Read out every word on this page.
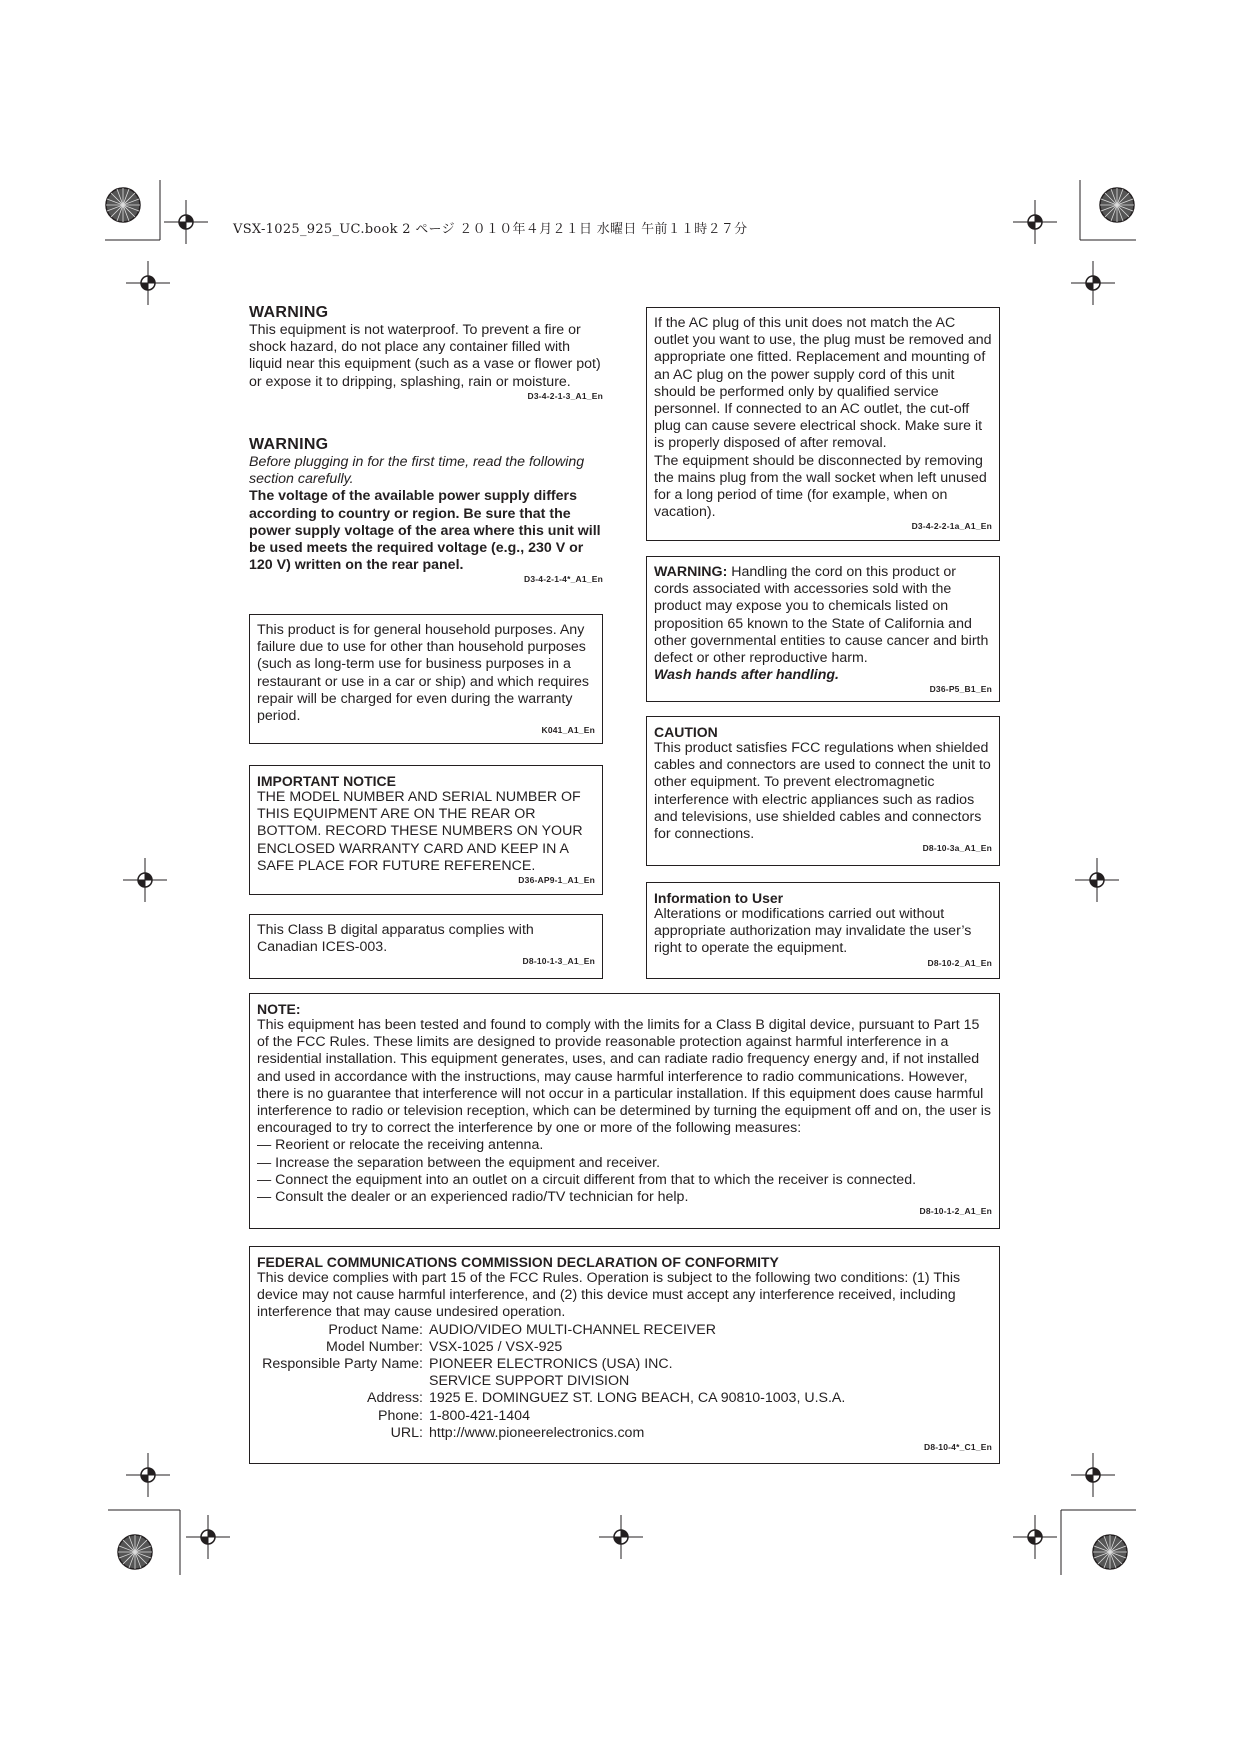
VSX-1025_925_UC.book 2 ページ ２０１０年４月２１日 水曜日 午前１１時２７分
WARNING
This equipment is not waterproof. To prevent a fire or shock hazard, do not place any container filled with liquid near this equipment (such as a vase or flower pot) or expose it to dripping, splashing, rain or moisture.
D3-4-2-1-3_A1_En
WARNING
Before plugging in for the first time, read the following section carefully.
The voltage of the available power supply differs according to country or region. Be sure that the power supply voltage of the area where this unit will be used meets the required voltage (e.g., 230 V or 120 V) written on the rear panel.
D3-4-2-1-4*_A1_En
This product is for general household purposes. Any failure due to use for other than household purposes (such as long-term use for business purposes in a restaurant or use in a car or ship) and which requires repair will be charged for even during the warranty period.
K041_A1_En
IMPORTANT NOTICE
THE MODEL NUMBER AND SERIAL NUMBER OF THIS EQUIPMENT ARE ON THE REAR OR BOTTOM. RECORD THESE NUMBERS ON YOUR ENCLOSED WARRANTY CARD AND KEEP IN A SAFE PLACE FOR FUTURE REFERENCE.
D36-AP9-1_A1_En
This Class B digital apparatus complies with Canadian ICES-003.
D8-10-1-3_A1_En
If the AC plug of this unit does not match the AC outlet you want to use, the plug must be removed and appropriate one fitted. Replacement and mounting of an AC plug on the power supply cord of this unit should be performed only by qualified service personnel. If connected to an AC outlet, the cut-off plug can cause severe electrical shock. Make sure it is properly disposed of after removal.
The equipment should be disconnected by removing the mains plug from the wall socket when left unused for a long period of time (for example, when on vacation).
D3-4-2-2-1a_A1_En
WARNING: Handling the cord on this product or cords associated with accessories sold with the product may expose you to chemicals listed on proposition 65 known to the State of California and other governmental entities to cause cancer and birth defect or other reproductive harm.
Wash hands after handling.
D36-P5_B1_En
CAUTION
This product satisfies FCC regulations when shielded cables and connectors are used to connect the unit to other equipment. To prevent electromagnetic interference with electric appliances such as radios and televisions, use shielded cables and connectors for connections.
D8-10-3a_A1_En
Information to User
Alterations or modifications carried out without appropriate authorization may invalidate the user’s right to operate the equipment.
D8-10-2_A1_En
NOTE:
This equipment has been tested and found to comply with the limits for a Class B digital device, pursuant to Part 15 of the FCC Rules. These limits are designed to provide reasonable protection against harmful interference in a residential installation. This equipment generates, uses, and can radiate radio frequency energy and, if not installed and used in accordance with the instructions, may cause harmful interference to radio communications. However, there is no guarantee that interference will not occur in a particular installation. If this equipment does cause harmful interference to radio or television reception, which can be determined by turning the equipment off and on, the user is encouraged to try to correct the interference by one or more of the following measures:
— Reorient or relocate the receiving antenna.
— Increase the separation between the equipment and receiver.
— Connect the equipment into an outlet on a circuit different from that to which the receiver is connected.
— Consult the dealer or an experienced radio/TV technician for help.
D8-10-1-2_A1_En
FEDERAL COMMUNICATIONS COMMISSION DECLARATION OF CONFORMITY
This device complies with part 15 of the FCC Rules. Operation is subject to the following two conditions: (1) This device may not cause harmful interference, and (2) this device must accept any interference received, including interference that may cause undesired operation.
Product Name: AUDIO/VIDEO MULTI-CHANNEL RECEIVER
Model Number: VSX-1025 / VSX-925
Responsible Party Name: PIONEER ELECTRONICS (USA) INC.
SERVICE SUPPORT DIVISION
Address: 1925 E. DOMINGUEZ ST. LONG BEACH, CA 90810-1003, U.S.A.
Phone: 1-800-421-1404
URL: http://www.pioneerelectronics.com
D8-10-4*_C1_En
